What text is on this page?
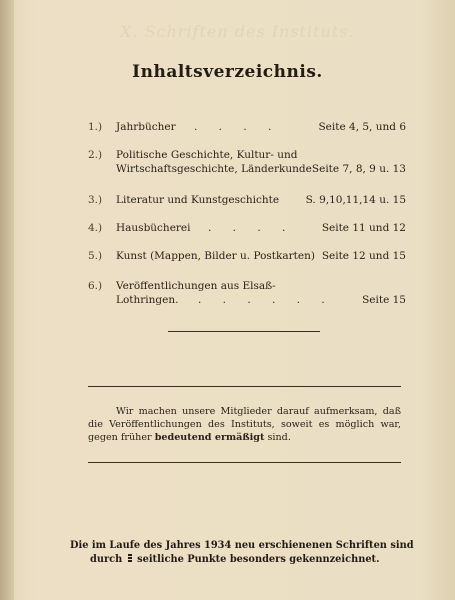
X. Schriften des Instituts.
Inhaltsverzeichnis.
1.)	Jahrbücher . . . .	Seite 4, 5, und 6
2.)	Politische Geschichte, Kultur- und
Wirtschaftsgeschichte, Länderkunde Seite 7, 8, 9 u. 13
3.)	Literatur und Kunstgeschichte	S. 9,10,11,14 u. 15
4.)	Hausbücherei . . . .	Seite 11 und 12
5.)	Kunst (Mappen, Bilder u. Postkarten) Seite 12 und 15
6.)	Veröffentlichungen aus Elsaß-
Lothringen. . . . . . .	Seite 15
Wir machen unsere Mitglieder darauf aufmerksam, daß die Veröffentlichungen des Instituts, soweit es möglich war, gegen früher bedeutend ermäßigt sind.
Die im Laufe des Jahres 1934 neu erschienenen Schriften sind
durch seitliche Punkte besonders gekennzeichnet.
